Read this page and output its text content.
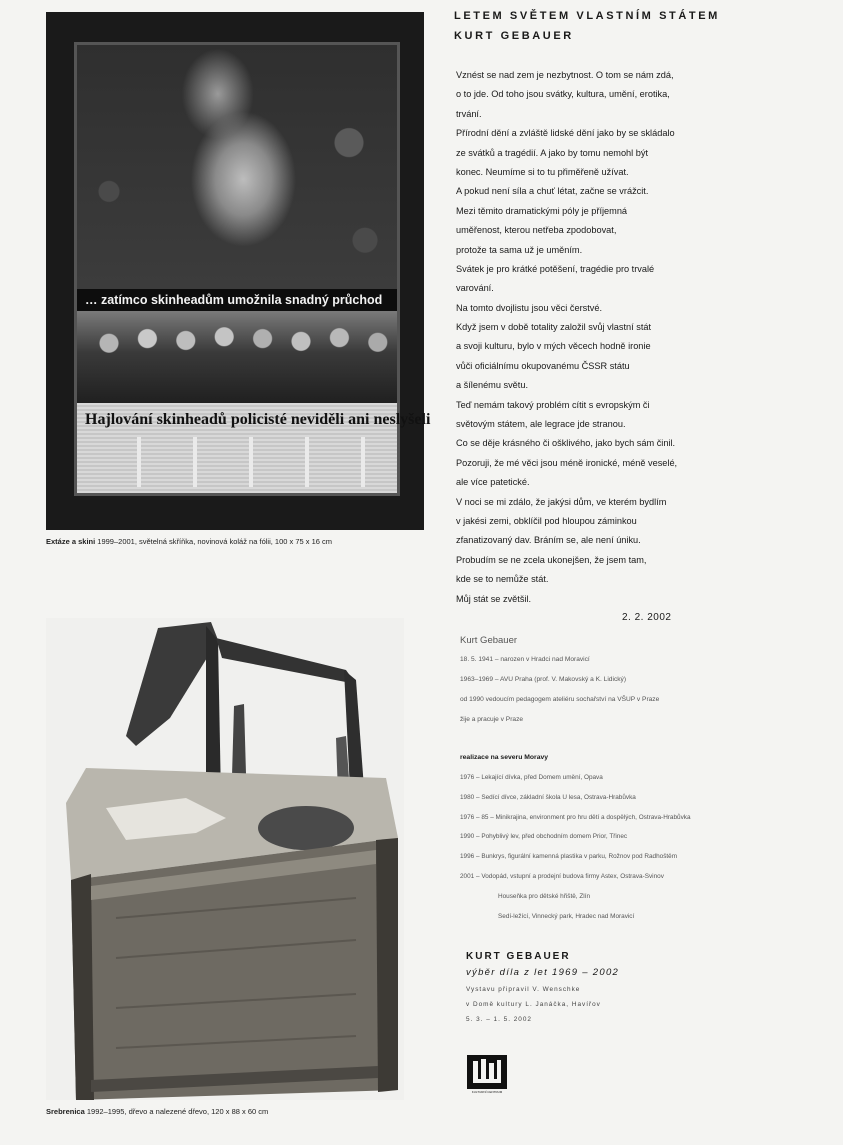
… zatímco skinheadům umožnila snadný průchod
Hajlování skinheadů policisté neviděli ani neslyšeli
Extáze a skini 1999–2001, světelná skříňka, novinová koláž na fólii, 100 x 75 x 16 cm
Srebrenica 1992–1995, dřevo a nalezené dřevo, 120 x 88 x 60 cm
LETEM SVĚTEM VLASTNÍM STÁTEM
KURT GEBAUER
Vznést se nad zem je nezbytnost. O tom se nám zdá,
o to jde. Od toho jsou svátky, kultura, umění, erotika,
trvání.
Přírodní dění a zvláště lidské dění jako by se skládalo
ze svátků a tragédií. A jako by tomu nemohl být
konec. Neumíme si to tu přiměřeně užívat.
A pokud není síla a chuť létat, začne se vrážcit.
Mezi těmito dramatickými póly je příjemná
uměřenost, kterou netřeba zpodobovat,
protože ta sama už je uměním.
Svátek je pro krátké potěšení, tragédie pro trvalé
varování.
Na tomto dvojlistu jsou věci čerstvé.
Když jsem v době totality založil svůj vlastní stát
a svoji kulturu, bylo v mých věcech hodně ironie
vůči oficiálnímu okupovanému ČSSR státu
a šílenému světu.
Teď nemám takový problém cítit s evropským či
světovým státem, ale legrace jde stranou.
Co se děje krásného či ošklivého, jako bych sám činil.
Pozoruji, že mé věci jsou méně ironické, méně veselé,
ale více patetické.
V noci se mi zdálo, že jakýsi dům, ve kterém bydlím
v jakési zemi, obklíčil pod hloupou záminkou
zfanatizovaný dav. Bráním se, ale není úniku.
Probudím se ne zcela ukonejšen, že jsem tam,
kde se to nemůže stát.
Můj stát se zvětšil.
2. 2. 2002
Kurt Gebauer
18. 5. 1941 – narozen v Hradci nad Moravicí
1963–1969 – AVU Praha (prof. V. Makovský a K. Lidický)
od 1990 vedoucím pedagogem ateliéru sochařství na VŠUP v Praze
žije a pracuje v Praze
realizace na severu Moravy
1976 – Lekající dívka, před Domem umění, Opava
1980 – Sedící dívce, základní škola U lesa, Ostrava-Hrabůvka
1976 – 85 – Minikrajina, environment pro hru dětí a dospělých, Ostrava-Hrabůvka
1990 – Pohyblivý lev, před obchodním domem Prior, Třinec
1996 – Bunkrys, figurální kamenná plastika v parku, Rožnov pod Radhoštěm
2001 – Vodopád, vstupní a prodejní budova firmy Astex, Ostrava-Svinov
Houseňka pro dětské hřiště, Zlín
Sedí-ležící, Vinnecký park, Hradec nad Moravicí
KURT GEBAUER
výběr díla z let 1969 – 2002
Vystavu připravil V. Wenschke
v Domě kultury L. Janáčka, Havířov
5. 3. – 1. 5. 2002
KULTURNÍ CENTRUM
